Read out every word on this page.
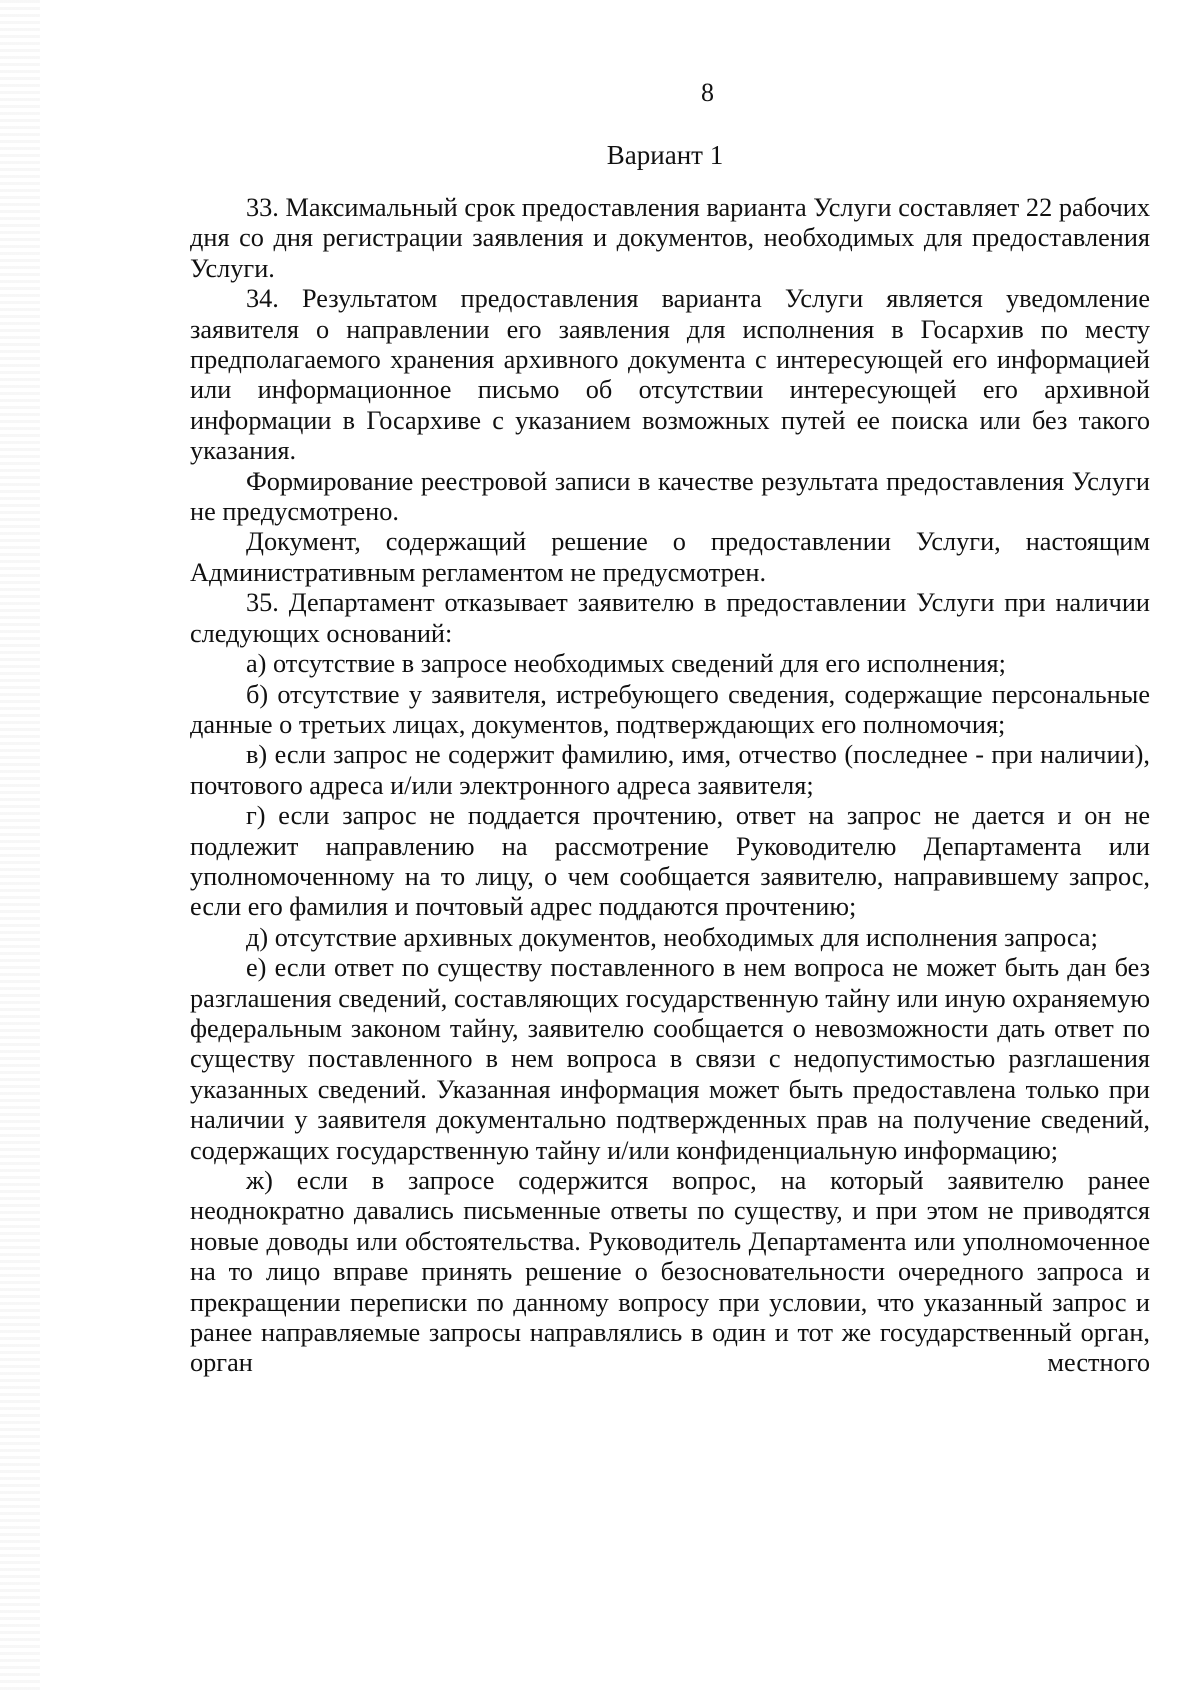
8
Вариант 1

33. Максимальный срок предоставления варианта Услуги составляет 22 рабочих дня со дня регистрации заявления и документов, необходимых для предоставления Услуги.

34. Результатом предоставления варианта Услуги является уведомление заявителя о направлении его заявления для исполнения в Госархив по месту предполагаемого хранения архивного документа с интересующей его информацией или информационное письмо об отсутствии интересующей его архивной информации в Госархиве с указанием возможных путей ее поиска или без такого указания.

Формирование реестровой записи в качестве результата предоставления Услуги не предусмотрено.

Документ, содержащий решение о предоставлении Услуги, настоящим Административным регламентом не предусмотрен.

35. Департамент отказывает заявителю в предоставлении Услуги при наличии следующих оснований:

а) отсутствие в запросе необходимых сведений для его исполнения;

б) отсутствие у заявителя, истребующего сведения, содержащие персональные данные о третьих лицах, документов, подтверждающих его полномочия;

в) если запрос не содержит фамилию, имя, отчество (последнее - при наличии), почтового адреса и/или электронного адреса заявителя;

г) если запрос не поддается прочтению, ответ на запрос не дается и он не подлежит направлению на рассмотрение Руководителю Департамента или уполномоченному на то лицу, о чем сообщается заявителю, направившему запрос, если его фамилия и почтовый адрес поддаются прочтению;

д) отсутствие архивных документов, необходимых для исполнения запроса;

е) если ответ по существу поставленного в нем вопроса не может быть дан без разглашения сведений, составляющих государственную тайну или иную охраняемую федеральным законом тайну, заявителю сообщается о невозможности дать ответ по существу поставленного в нем вопроса в связи с недопустимостью разглашения указанных сведений. Указанная информация может быть предоставлена только при наличии у заявителя документально подтвержденных прав на получение сведений, содержащих государственную тайну и/или конфиденциальную информацию;

ж) если в запросе содержится вопрос, на который заявителю ранее неоднократно давались письменные ответы по существу, и при этом не приводятся новые доводы или обстоятельства. Руководитель Департамента или уполномоченное на то лицо вправе принять решение о безосновательности очередного запроса и прекращении переписки по данному вопросу при условии, что указанный запрос и ранее направляемые запросы направлялись в один и тот же государственный орган, орган местного
